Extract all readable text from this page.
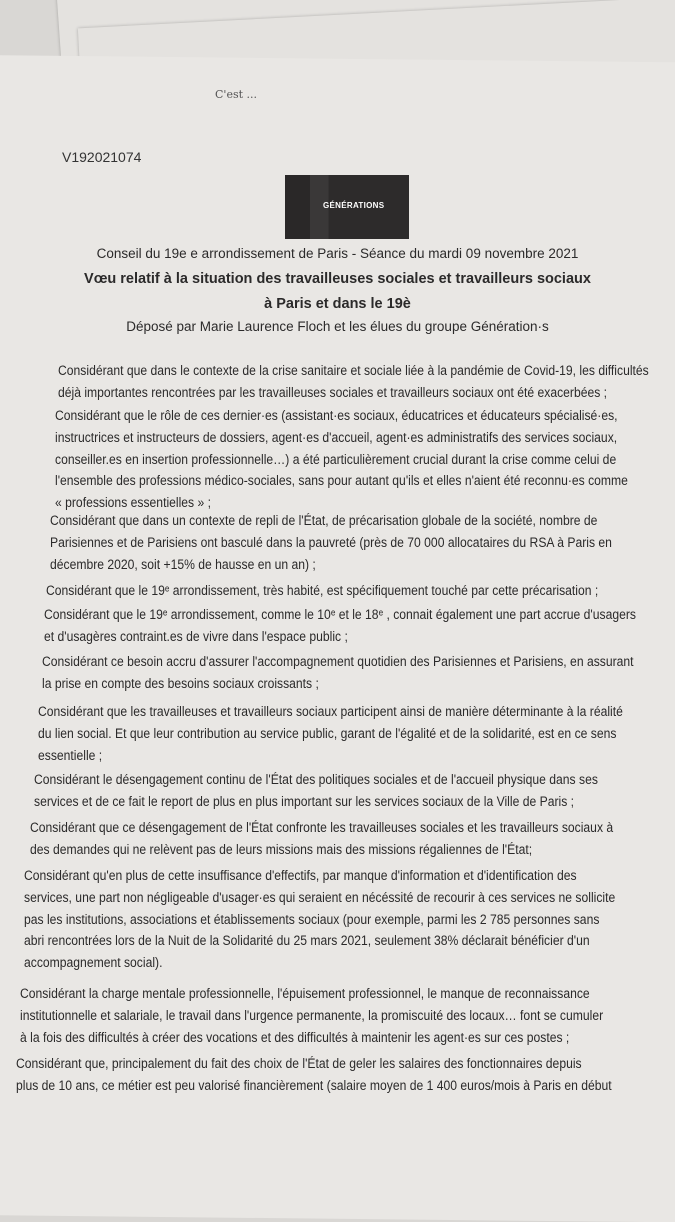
C'est ...
V192021074
GÉNÉRATIONS
Conseil du 19e e arrondissement de Paris - Séance du mardi 09 novembre 2021
Vœu relatif à la situation des travailleuses sociales et travailleurs sociaux
à Paris et dans le 19è
Déposé par Marie Laurence Floch et les élues du groupe Génération·s
Considérant que dans le contexte de la crise sanitaire et sociale liée à la pandémie de Covid-19, les difficultés
déjà importantes rencontrées par les travailleuses sociales et travailleurs sociaux ont été exacerbées ;
Considérant que le rôle de ces dernier·es (assistant·es sociaux, éducatrices et éducateurs spécialisé·es,
instructrices et instructeurs de dossiers, agent·es d'accueil, agent·es administratifs des services sociaux,
conseiller.es en insertion professionnelle…) a été particulièrement crucial durant la crise comme celui de
l'ensemble des professions médico-sociales, sans pour autant qu'ils et elles n'aient été reconnu·es comme
« professions essentielles » ;
Considérant que dans un contexte de repli de l'État, de précarisation globale de la société, nombre de
Parisiennes et de Parisiens ont basculé dans la pauvreté (près de 70 000 allocataires du RSA à Paris en
décembre 2020, soit +15% de hausse en un an) ;
Considérant que le 19ᵉ arrondissement, très habité, est spécifiquement touché par cette précarisation ;
Considérant que le 19ᵉ arrondissement, comme le 10ᵉ et le 18ᵉ , connait également une part accrue d'usagers
et d'usagères contraint.es de vivre dans l'espace public ;
Considérant ce besoin accru d'assurer l'accompagnement quotidien des Parisiennes et Parisiens, en assurant
la prise en compte des besoins sociaux croissants ;
Considérant que les travailleuses et travailleurs sociaux participent ainsi de manière déterminante à la réalité
du lien social. Et que leur contribution au service public, garant de l'égalité et de la solidarité, est en ce sens
essentielle ;
Considérant le désengagement continu de l'État des politiques sociales et de l'accueil physique dans ses
services et de ce fait le report de plus en plus important sur les services sociaux de la Ville de Paris ;
Considérant que ce désengagement de l'État confronte les travailleuses sociales et les travailleurs sociaux à
des demandes qui ne relèvent pas de leurs missions mais des missions régaliennes de l'État;
Considérant qu'en plus de cette insuffisance d'effectifs, par manque d'information et d'identification des
services, une part non négligeable d'usager·es qui seraient en nécéssité de recourir à ces services ne sollicite
pas les institutions, associations et établissements sociaux (pour exemple, parmi les 2 785 personnes sans
abri rencontrées lors de la Nuit de la Solidarité du 25 mars 2021, seulement 38% déclarait bénéficier d'un
accompagnement social).
Considérant la charge mentale professionnelle, l'épuisement professionnel, le manque de reconnaissance
institutionnelle et salariale, le travail dans l'urgence permanente, la promiscuité des locaux… font se cumuler
à la fois des difficultés à créer des vocations et des difficultés à maintenir les agent·es sur ces postes ;
Considérant que, principalement du fait des choix de l'État de geler les salaires des fonctionnaires depuis
plus de 10 ans, ce métier est peu valorisé financièrement (salaire moyen de 1 400 euros/mois à Paris en début
